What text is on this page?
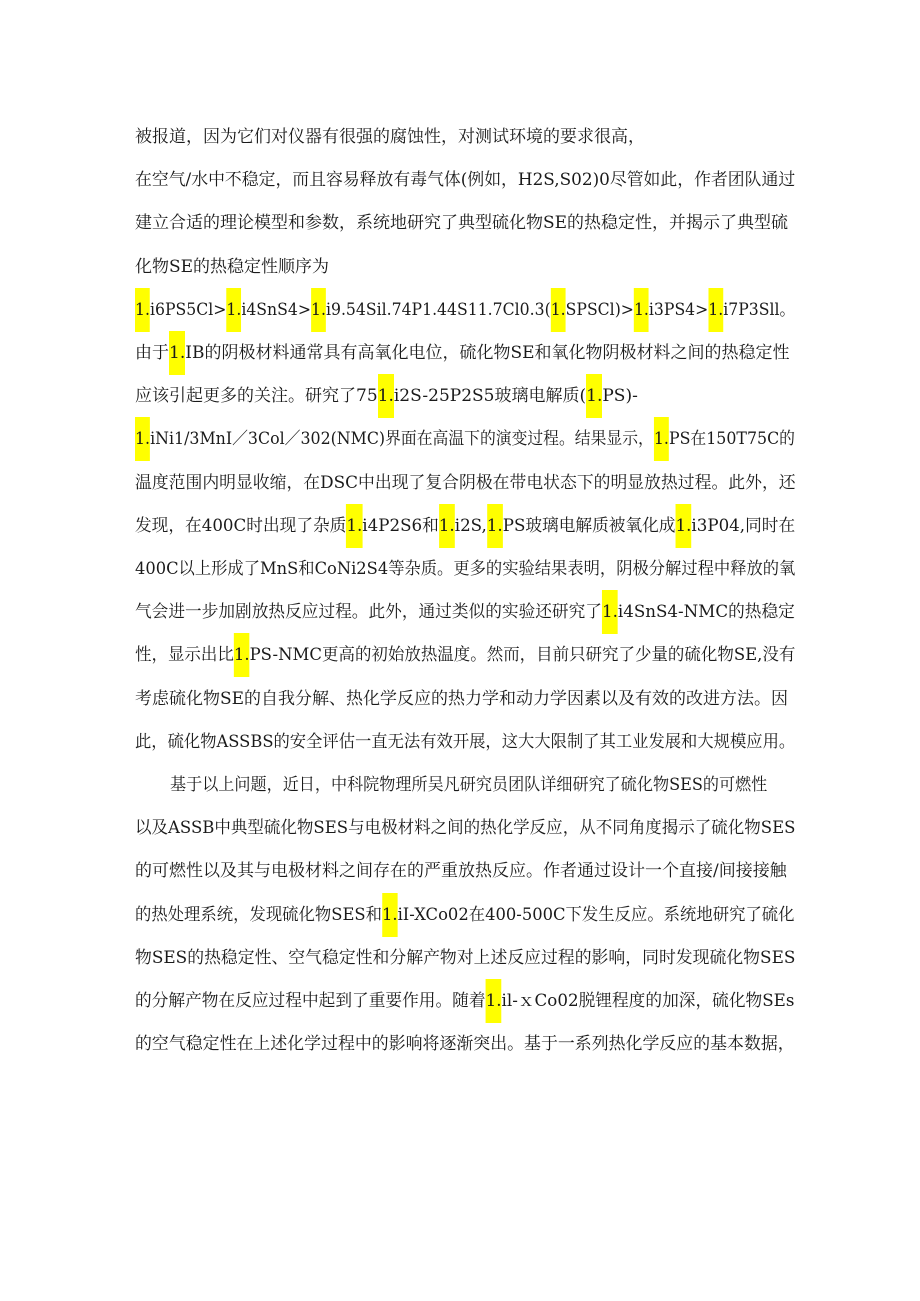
被报道，因为它们对仪器有很强的腐蚀性，对测试环境的要求很高，
在空气/水中不稳定，而且容易释放有毒气体(例如，H2S,S02)0尽管如此，作者团队通过
建立合适的理论模型和参数，系统地研究了典型硫化物SE的热稳定性，并揭示了典型硫
化物SE的热稳定性顺序为
1.i6PS5Cl>1.i4SnS4>1.i9.54Sil.74P1.44S11.7Cl0.3(1.SPSCl)>1.i3PS4>1.i7P3Sll。
由于1.IB的阴极材料通常具有高氧化电位，硫化物SE和氧化物阴极材料之间的热稳定性
应该引起更多的关注。研究了751.i2S-25P2S5玻璃电解质(1.PS)-
1.iNi1/3MnI／3Col／302(NMC)界面在高温下的演变过程。结果显示，1.PS在150T75C的
温度范围内明显收缩，在DSC中出现了复合阴极在带电状态下的明显放热过程。此外，还
发现，在400C时出现了杂质1.i4P2S6和1.i2S,1.PS玻璃电解质被氧化成1.i3P04,同时在
400C以上形成了MnS和CoNi2S4等杂质。更多的实验结果表明，阴极分解过程中释放的氧
气会进一步加剧放热反应过程。此外，通过类似的实验还研究了1.i4SnS4-NMC的热稳定
性，显示出比1.PS-NMC更高的初始放热温度。然而，目前只研究了少量的硫化物SE,没有
考虑硫化物SE的自我分解、热化学反应的热力学和动力学因素以及有效的改进方法。因
此，硫化物ASSBS的安全评估一直无法有效开展，这大大限制了其工业发展和大规模应用。
基于以上问题，近日，中科院物理所吴凡研究员团队详细研究了硫化物SES的可燃性
以及ASSB中典型硫化物SES与电极材料之间的热化学反应，从不同角度揭示了硫化物SES
的可燃性以及其与电极材料之间存在的严重放热反应。作者通过设计一个直接/间接接触
的热处理系统，发现硫化物SES和1.iI-XCo02在400-500C下发生反应。系统地研究了硫化
物SES的热稳定性、空气稳定性和分解产物对上述反应过程的影响，同时发现硫化物SES
的分解产物在反应过程中起到了重要作用。随着1.il-ｘCo02脱锂程度的加深，硫化物SEs
的空气稳定性在上述化学过程中的影响将逐渐突出。基于一系列热化学反应的基本数据，
